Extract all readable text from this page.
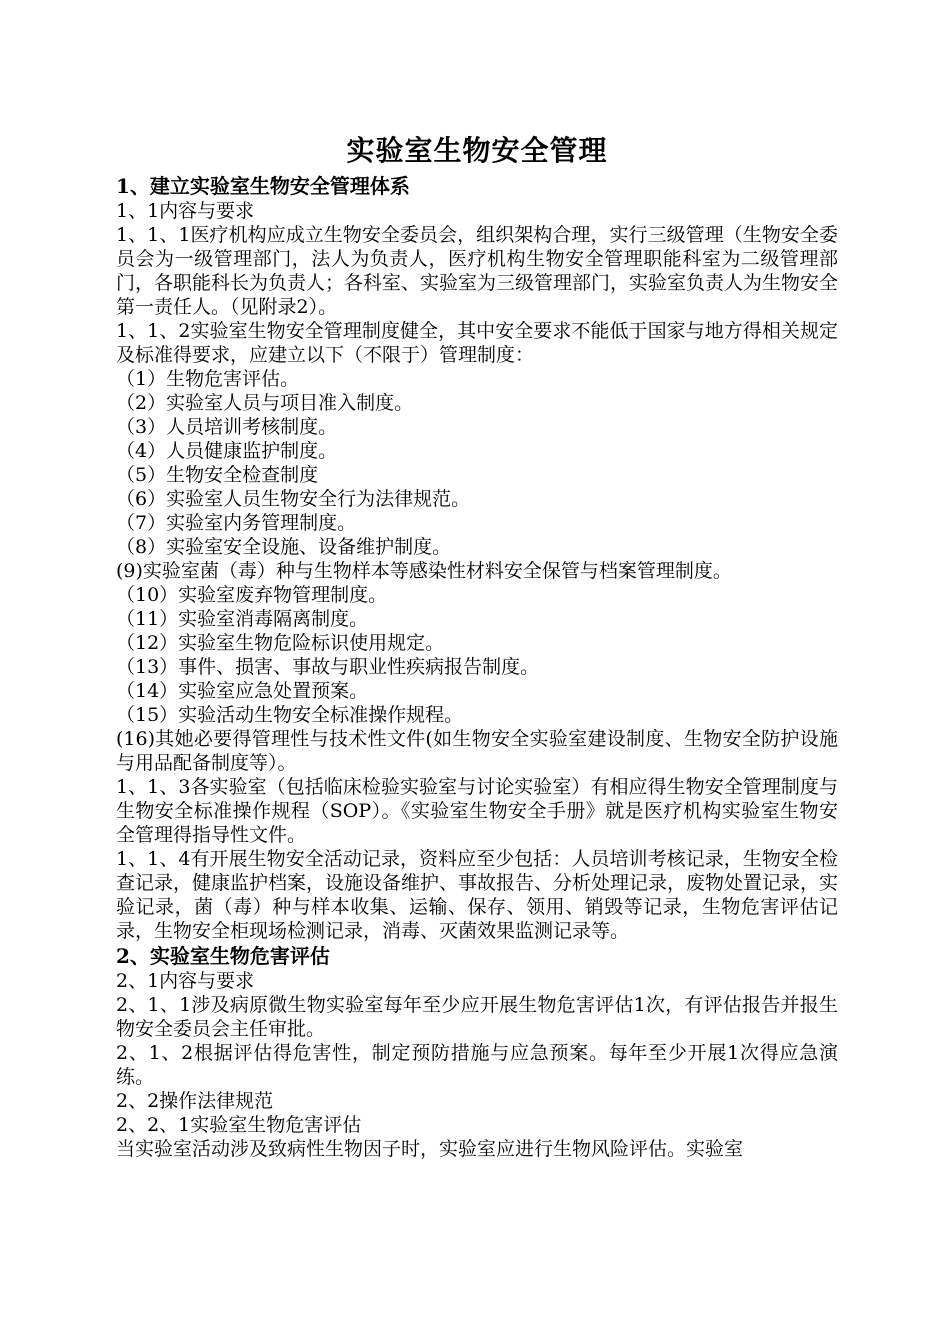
实验室生物安全管理
1、建立实验室生物安全管理体系

1、1内容与要求

1、1、1医疗机构应成立生物安全委员会，组织架构合理，实行三级管理（生物安全委员会为一级管理部门，法人为负责人，医疗机构生物安全管理职能科室为二级管理部门，各职能科长为负责人；各科室、实验室为三级管理部门，实验室负责人为生物安全第一责任人。（见附录2）。

1、1、2实验室生物安全管理制度健全，其中安全要求不能低于国家与地方得相关规定及标准得要求，应建立以下（不限于）管理制度：

（1）生物危害评估。

（2）实验室人员与项目准入制度。

（3）人员培训考核制度。

（4）人员健康监护制度。

（5）生物安全检查制度

（6）实验室人员生物安全行为法律规范。

（7）实验室内务管理制度。

（8）实验室安全设施、设备维护制度。

(9)实验室菌（毒）种与生物样本等感染性材料安全保管与档案管理制度。

（10）实验室废弃物管理制度。

（11）实验室消毒隔离制度。

（12）实验室生物危险标识使用规定。

（13）事件、损害、事故与职业性疾病报告制度。

（14）实验室应急处置预案。

（15）实验活动生物安全标准操作规程。

(16)其她必要得管理性与技术性文件(如生物安全实验室建设制度、生物安全防护设施与用品配备制度等）。

1、1、3各实验室（包括临床检验实验室与讨论实验室）有相应得生物安全管理制度与生物安全标准操作规程（SOP）。《实验室生物安全手册》就是医疗机构实验室生物安全管理得指导性文件。

1、1、4有开展生物安全活动记录，资料应至少包括：人员培训考核记录，生物安全检查记录，健康监护档案，设施设备维护、事故报告、分析处理记录，废物处置记录，实验记录，菌（毒）种与样本收集、运输、保存、领用、销毁等记录，生物危害评估记录，生物安全柜现场检测记录，消毒、灭菌效果监测记录等。

2、实验室生物危害评估

2、1内容与要求

2、1、1涉及病原微生物实验室每年至少应开展生物危害评估1次，有评估报告并报生物安全委员会主任审批。

2、1、2根据评估得危害性，制定预防措施与应急预案。每年至少开展1次得应急演练。

2、2操作法律规范

2、2、1实验室生物危害评估

当实验室活动涉及致病性生物因子时，实验室应进行生物风险评估。实验室
